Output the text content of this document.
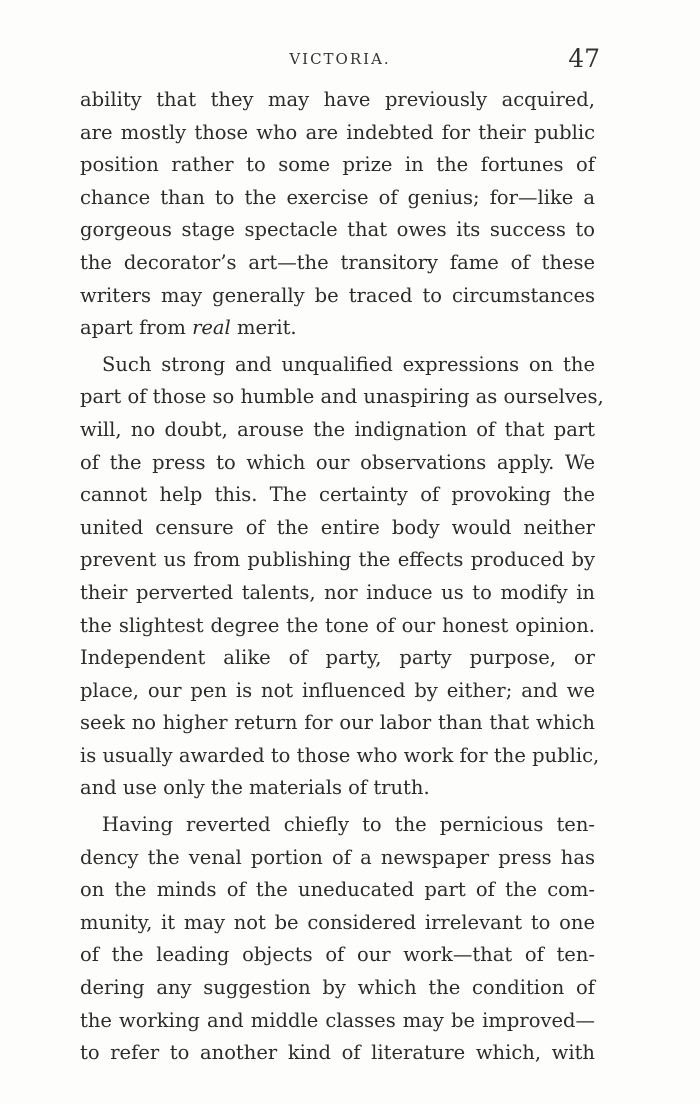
VICTORIA.	47
ability that they may have previously acquired,
are mostly those who are indebted for their public
position rather to some prize in the fortunes of
chance than to the exercise of genius; for—like a
gorgeous stage spectacle that owes its success to
the decorator’s art—the transitory fame of these
writers may generally be traced to circumstances
apart from real merit.
Such strong and unqualified expressions on the
part of those so humble and unaspiring as ourselves,
will, no doubt, arouse the indignation of that part
of the press to which our observations apply. We
cannot help this. The certainty of provoking the
united censure of the entire body would neither
prevent us from publishing the effects produced by
their perverted talents, nor induce us to modify in
the slightest degree the tone of our honest opinion.
Independent alike of party, party purpose, or
place, our pen is not influenced by either; and we
seek no higher return for our labor than that which
is usually awarded to those who work for the public,
and use only the materials of truth.
Having reverted chiefly to the pernicious ten-
dency the venal portion of a newspaper press has
on the minds of the uneducated part of the com-
munity, it may not be considered irrelevant to one
of the leading objects of our work—that of ten-
dering any suggestion by which the condition of
the working and middle classes may be improved—
to refer to another kind of literature which, with
